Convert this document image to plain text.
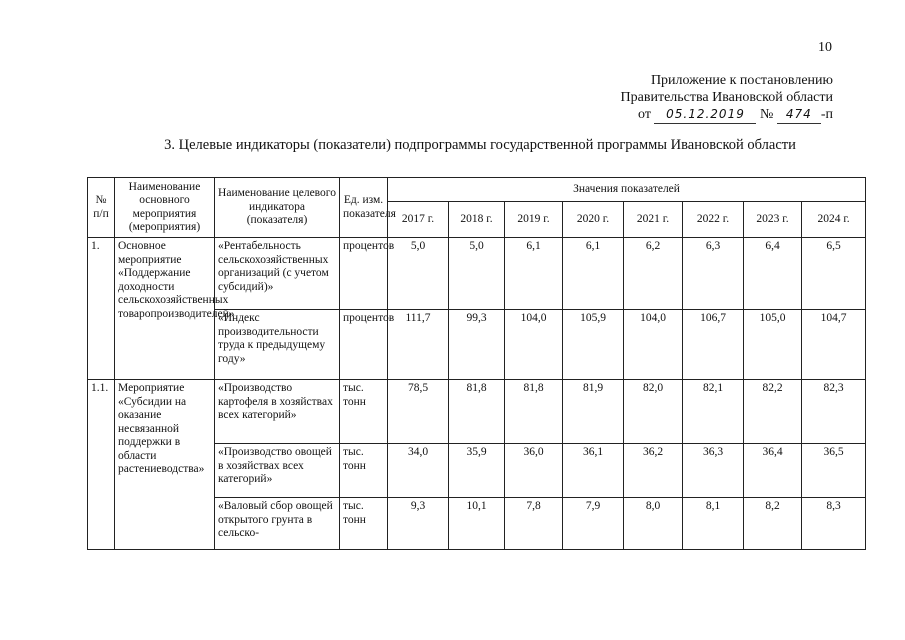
10
Приложение к постановлению
Правительства Ивановской области
от 05.12.2019 № 474 -п
3. Целевые индикаторы (показатели) подпрограммы государственной программы Ивановской области
№ п/п	Наименование основного мероприятия (мероприятия)	Наименование целевого индикатора (показателя)	Ед. изм. показателя	Значения показателей							
				2017 г.	2018 г.	2019 г.	2020 г.	2021 г.	2022 г.	2023 г.	2024 г.
1.	Основное мероприятие «Поддержание доходности сельскохозяйственных товаропроизводителей»	«Рентабельность сельскохозяйственных организаций (с учетом субсидий)»	процентов	5,0	5,0	6,1	6,1	6,2	6,3	6,4	6,5
		«Индекс производительности труда к предыдущему году»	процентов	111,7	99,3	104,0	105,9	104,0	106,7	105,0	104,7
1.1.	Мероприятие «Субсидии на оказание несвязанной поддержки в области растениеводства»	«Производство картофеля в хозяйствах всех категорий»	тыс. тонн	78,5	81,8	81,8	81,9	82,0	82,1	82,2	82,3
		«Производство овощей в хозяйствах всех категорий»	тыс. тонн	34,0	35,9	36,0	36,1	36,2	36,3	36,4	36,5
		«Валовый сбор овощей открытого грунта в сельско-	тыс. тонн	9,3	10,1	7,8	7,9	8,0	8,1	8,2	8,3
